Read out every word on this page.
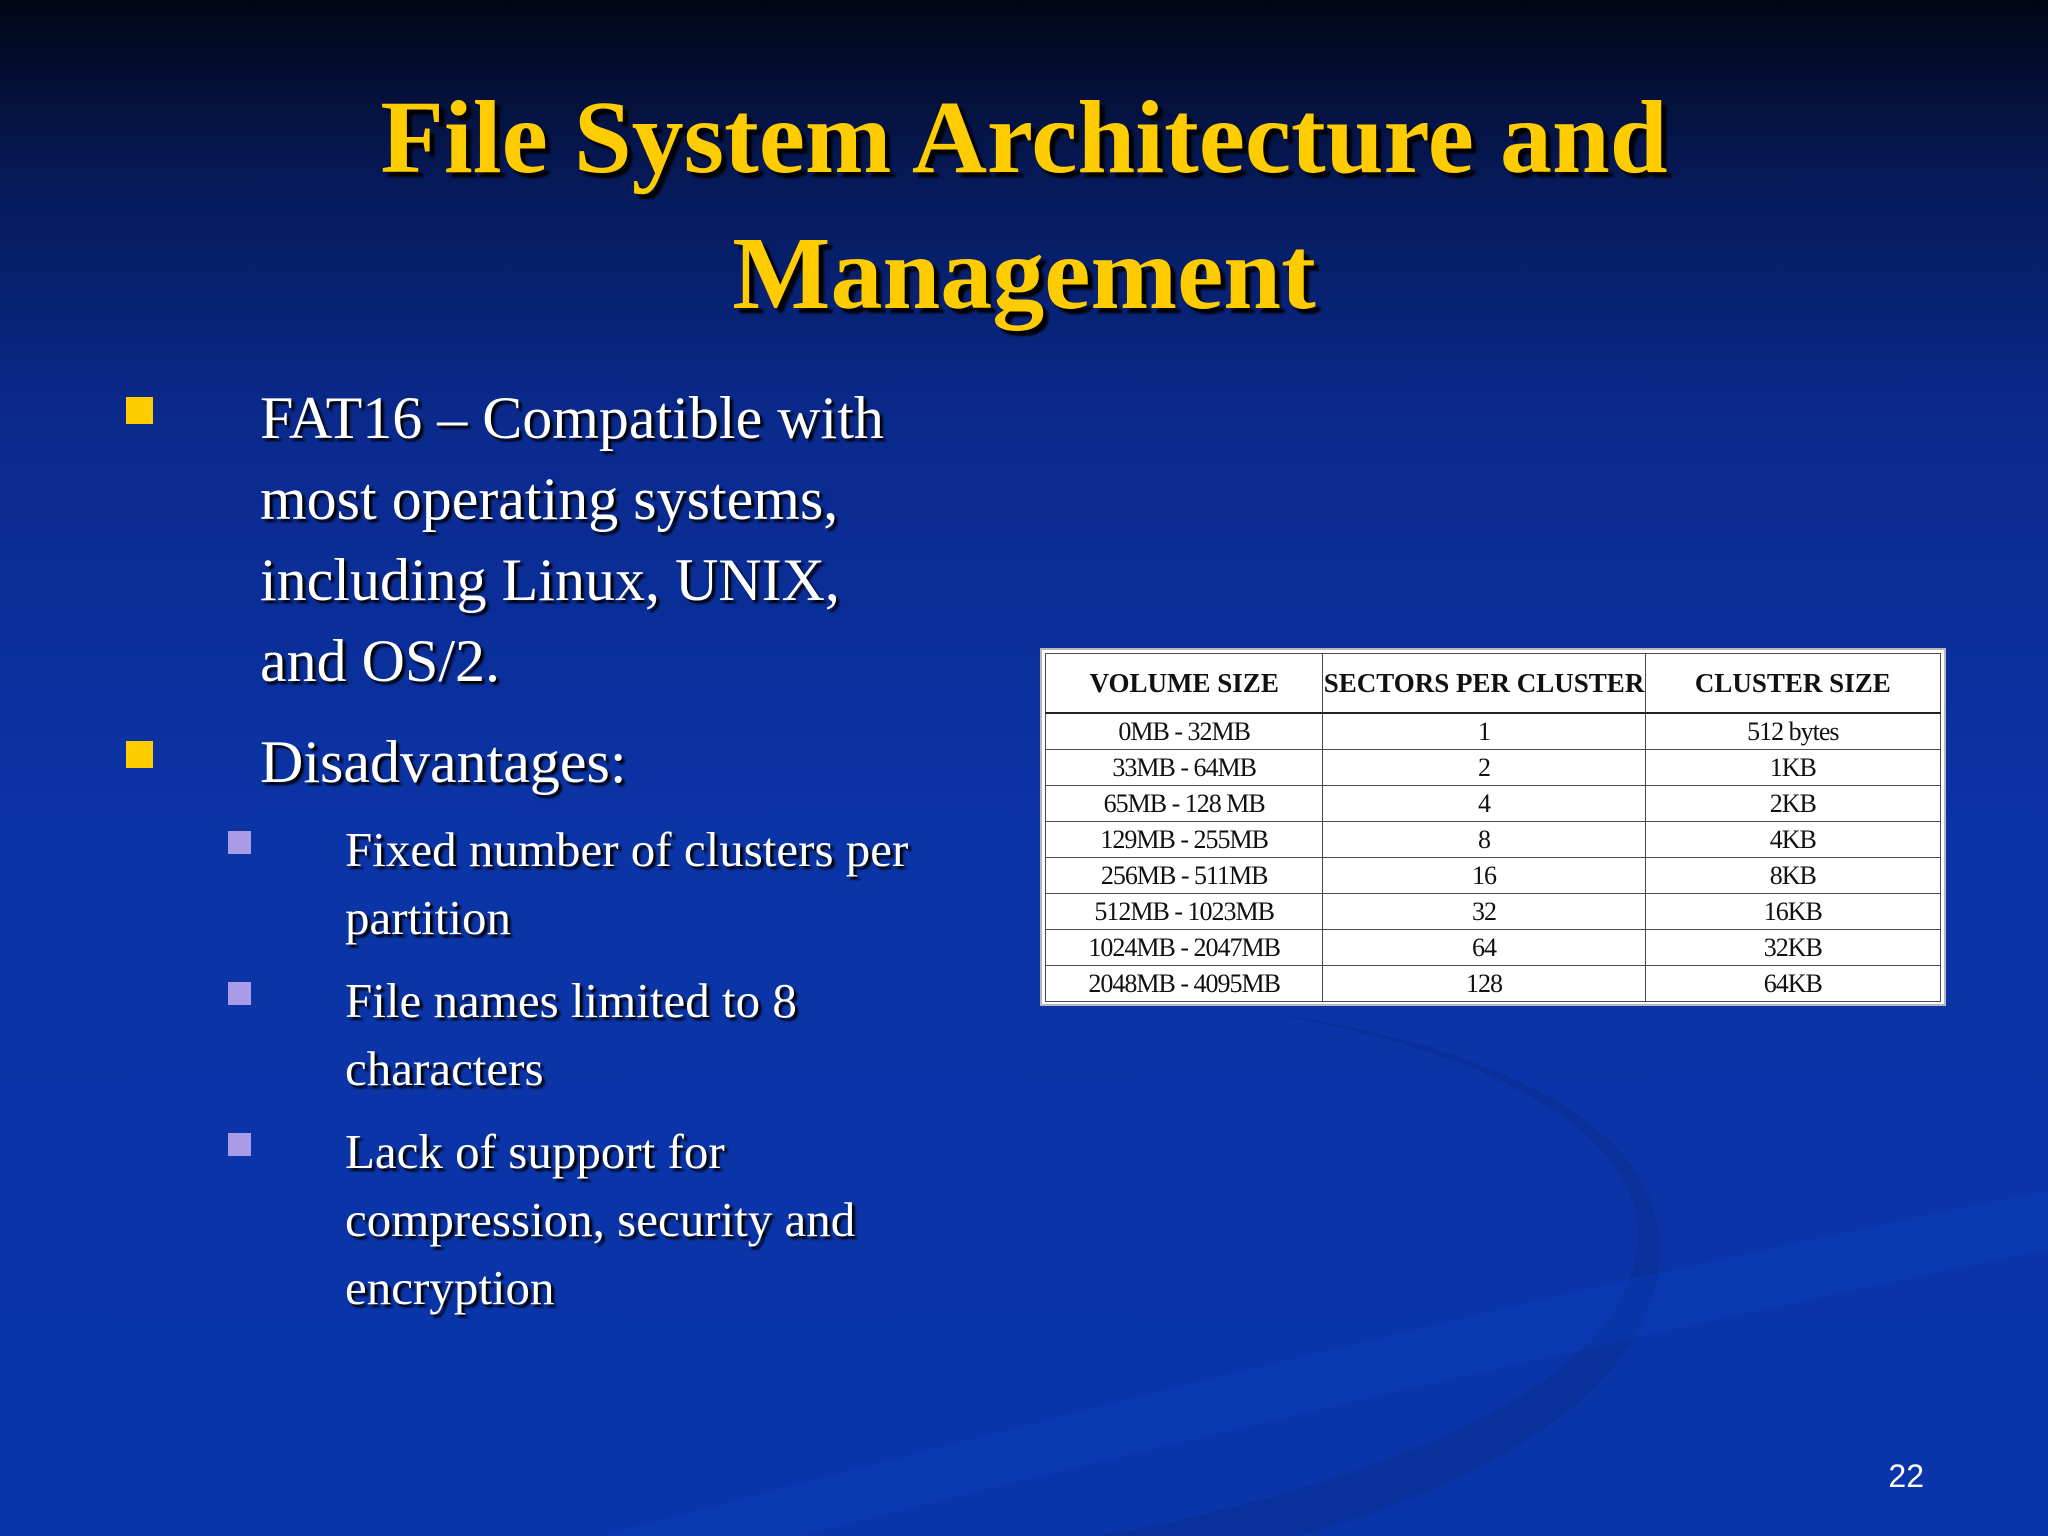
File System Architecture and
Management
FAT16 – Compatible with
most operating systems,
including Linux, UNIX,
and OS/2.
Disadvantages:
Fixed number of clusters per
partition
File names limited to 8
characters
Lack of support for
compression, security and
encryption
VOLUME SIZE	SECTORS PER CLUSTER	CLUSTER SIZE
0MB - 32MB	1	512 bytes
33MB - 64MB	2	1KB
65MB - 128 MB	4	2KB
129MB - 255MB	8	4KB
256MB - 511MB	16	8KB
512MB - 1023MB	32	16KB
1024MB - 2047MB	64	32KB
2048MB - 4095MB	128	64KB
22
